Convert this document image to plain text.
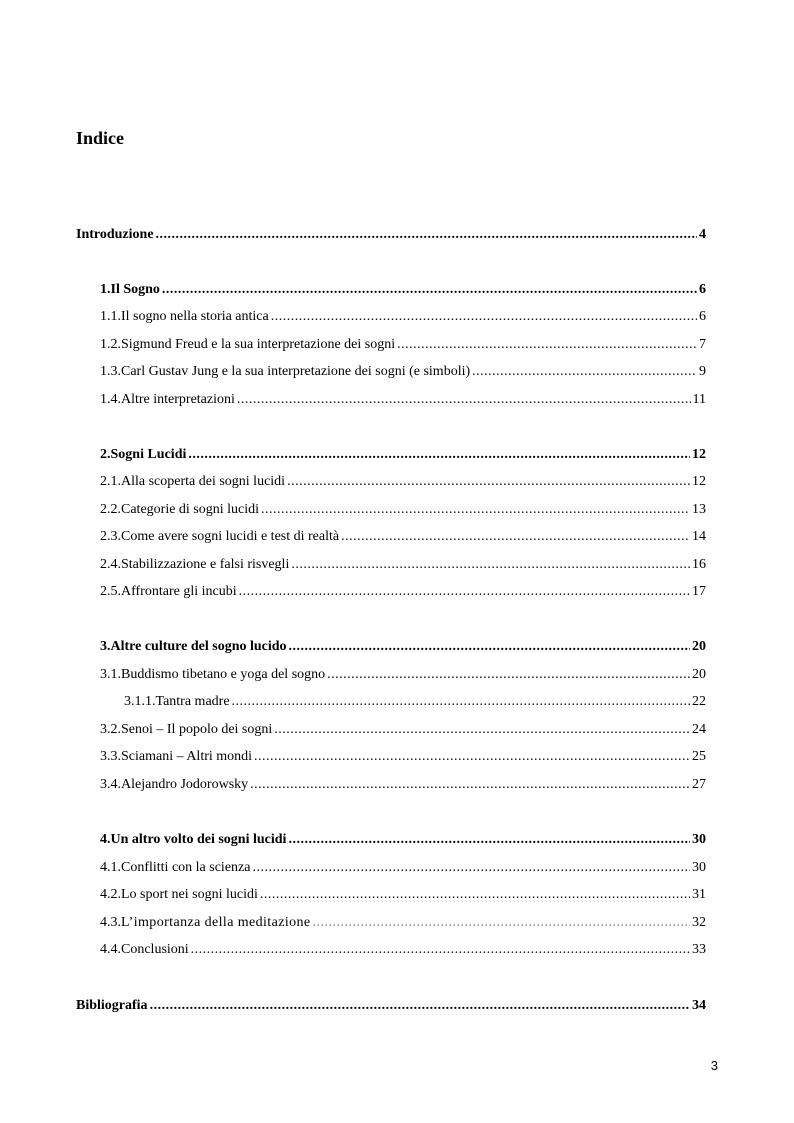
Indice
Introduzione .....	4
1. Il Sogno .....	6
1.1. Il sogno nella storia antica .....	6
1.2. Sigmund Freud e la sua interpretazione dei sogni .....	7
1.3. Carl Gustav Jung e la sua interpretazione dei sogni (e simboli) .....	9
1.4. Altre interpretazioni .....	11
2. Sogni Lucidi .....	12
2.1. Alla scoperta dei sogni lucidi .....	12
2.2. Categorie di sogni lucidi .....	13
2.3. Come avere sogni lucidi e test di realtà .....	14
2.4. Stabilizzazione e falsi risvegli .....	16
2.5. Affrontare gli incubi .....	17
3. Altre culture del sogno lucido .....	20
3.1. Buddismo tibetano e yoga del sogno .....	20
3.1.1. Tantra madre .....	22
3.2. Senoi – Il popolo dei sogni .....	24
3.3. Sciamani – Altri mondi .....	25
3.4. Alejandro Jodorowsky .....	27
4. Un altro volto dei sogni lucidi .....	30
4.1. Conflitti con la scienza .....	30
4.2. Lo sport nei sogni lucidi .....	31
4.3. L’importanza della meditazione .....	32
4.4. Conclusioni .....	33
Bibliografia .....	34
3
